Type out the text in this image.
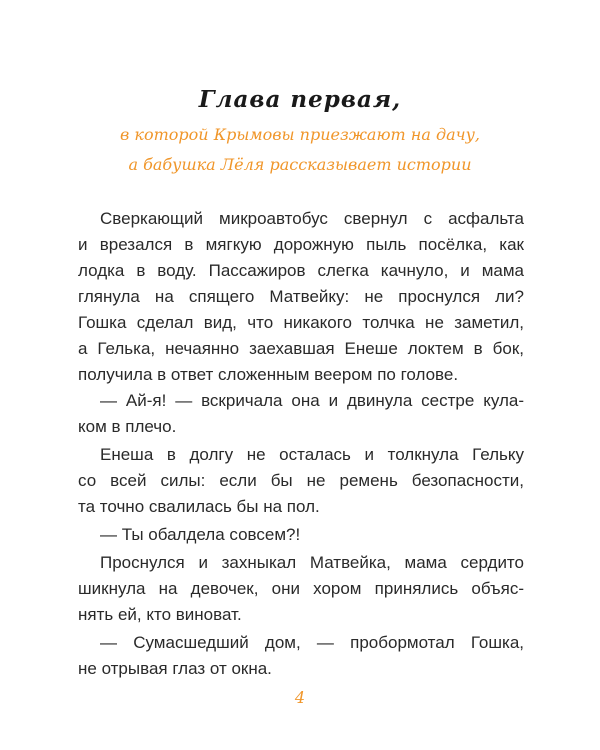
Глава первая,
в которой Крымовы приезжают на дачу,
а бабушка Лёля рассказывает истории
Сверкающий микроавтобус свернул с асфальта
и врезался в мягкую дорожную пыль посёлка, как
лодка в воду. Пассажиров слегка качнуло, и мама
глянула на спящего Матвейку: не проснулся ли?
Гошка сделал вид, что никакого толчка не заметил,
а Гелька, нечаянно заехавшая Енеше локтем в бок,
получила в ответ сложенным веером по голове.
— Ай-я! — вскричала она и двинула сестре кула-
ком в плечо.
Енеша в долгу не осталась и толкнула Гельку
со всей силы: если бы не ремень безопасности,
та точно свалилась бы на пол.
— Ты обалдела совсем?!
Проснулся и захныкал Матвейка, мама сердито
шикнула на девочек, они хором принялись объяс-
нять ей, кто виноват.
— Сумасшедший дом, — пробормотал Гошка,
не отрывая глаз от окна.
4
